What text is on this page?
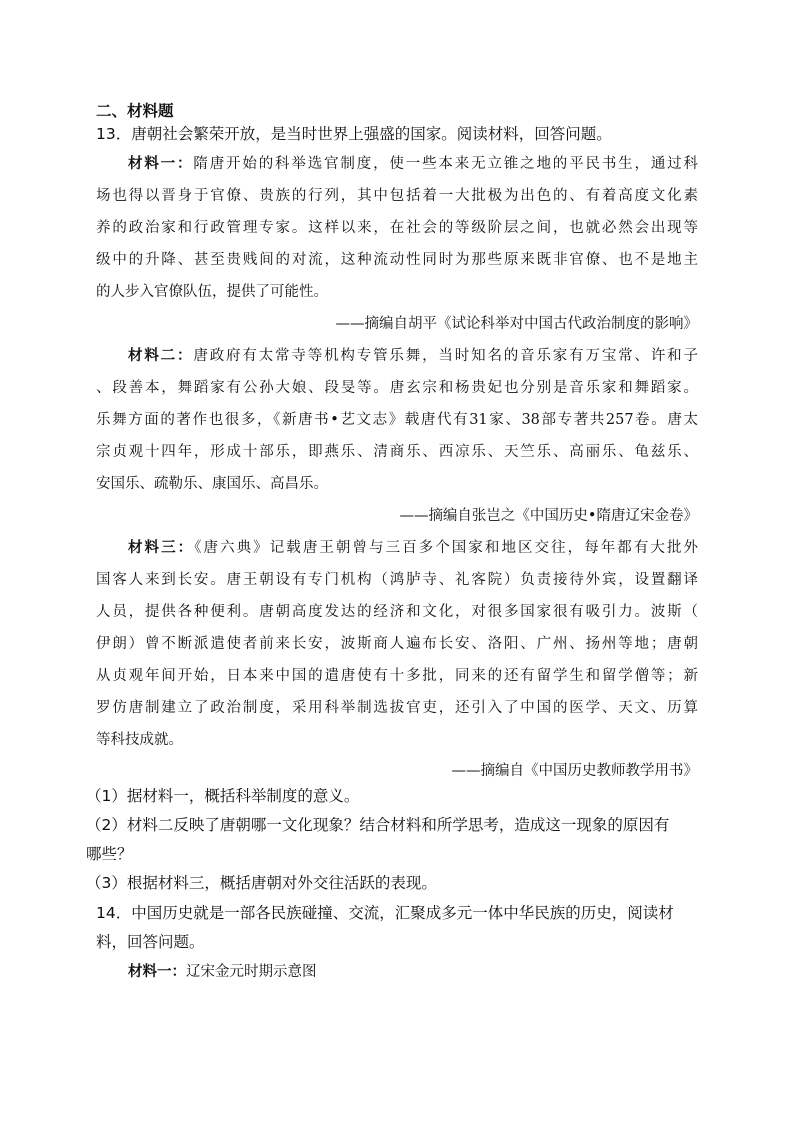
二、材料题
13．唐朝社会繁荣开放，是当时世界上强盛的国家。阅读材料，回答问题。
材料一：隋唐开始的科举选官制度，使一些本来无立锥之地的平民书生，通过科
场也得以晋身于官僚、贵族的行列，其中包括着一大批极为出色的、有着高度文化素
养的政治家和行政管理专家。这样以来，在社会的等级阶层之间，也就必然会出现等
级中的升降、甚至贵贱间的对流，这种流动性同时为那些原来既非官僚、也不是地主
的人步入官僚队伍，提供了可能性。
——摘编自胡平《试论科举对中国古代政治制度的影响》
材料二：唐政府有太常寺等机构专管乐舞，当时知名的音乐家有万宝常、许和子
、段善本，舞蹈家有公孙大娘、段旻等。唐玄宗和杨贵妃也分别是音乐家和舞蹈家。
乐舞方面的著作也很多，《新唐书•艺文志》载唐代有31家、38部专著共257卷。唐太
宗贞观十四年，形成十部乐，即燕乐、清商乐、西凉乐、天竺乐、高丽乐、龟兹乐、
安国乐、疏勒乐、康国乐、高昌乐。
——摘编自张岂之《中国历史•隋唐辽宋金卷》
材料三：《唐六典》记载唐王朝曾与三百多个国家和地区交往，每年都有大批外
国客人来到长安。唐王朝设有专门机构（鸿胪寺、礼客院）负责接待外宾，设置翻译
人员，提供各种便利。唐朝高度发达的经济和文化，对很多国家很有吸引力。波斯（
伊朗）曾不断派遣使者前来长安，波斯商人遍布长安、洛阳、广州、扬州等地；唐朝
从贞观年间开始，日本来中国的遣唐使有十多批，同来的还有留学生和留学僧等；新
罗仿唐制建立了政治制度，采用科举制选拔官吏，还引入了中国的医学、天文、历算
等科技成就。
——摘编自《中国历史教师教学用书》
（1）据材料一，概括科举制度的意义。
（2）材料二反映了唐朝哪一文化现象？结合材料和所学思考，造成这一现象的原因有
哪些？
（3）根据材料三，概括唐朝对外交往活跃的表现。
14．中国历史就是一部各民族碰撞、交流，汇聚成多元一体中华民族的历史，阅读材
料，回答问题。
材料一：辽宋金元时期示意图
